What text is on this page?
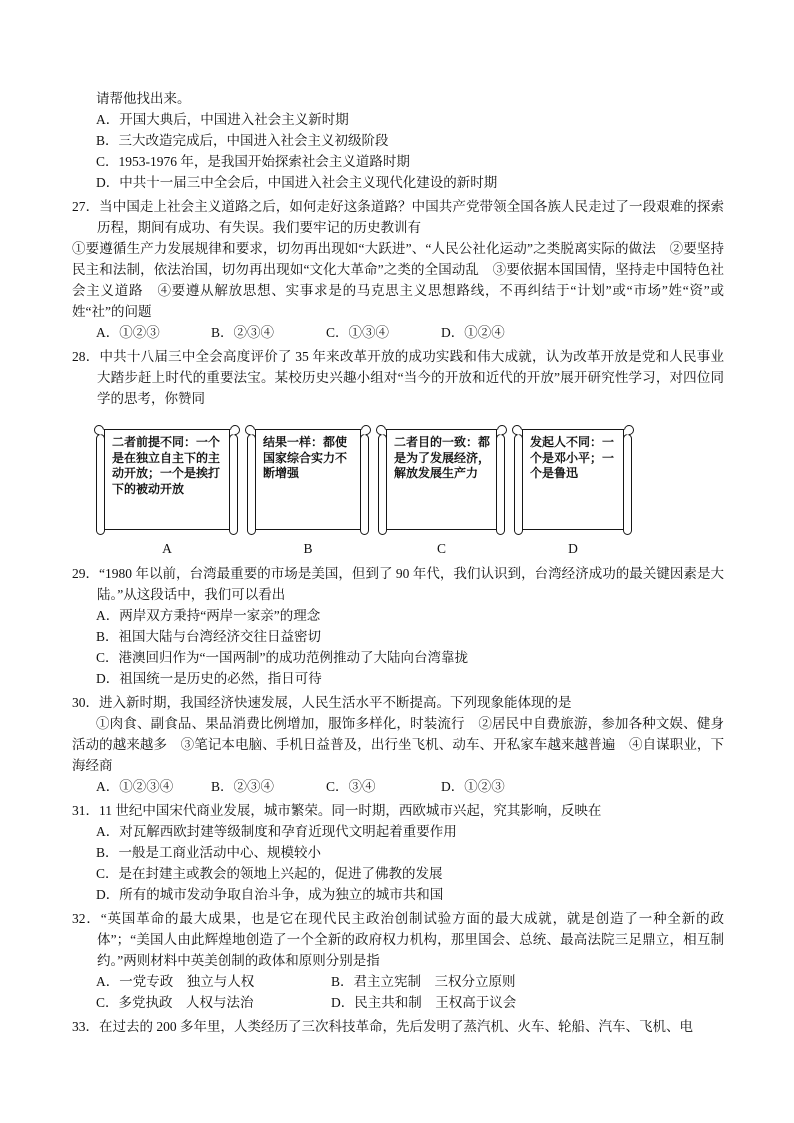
请帮他找出来。

A．开国大典后，中国进入社会主义新时期

B．三大改造完成后，中国进入社会主义初级阶段

C．1953-1976 年，是我国开始探索社会主义道路时期

D．中共十一届三中全会后，中国进入社会主义现代化建设的新时期

27．当中国走上社会主义道路之后，如何走好这条道路？中国共产党带领全国各族人民走过了一段艰难的探索历程，期间有成功、有失误。我们要牢记的历史教训有

①要遵循生产力发展规律和要求，切勿再出现如“大跃进”、“人民公社化运动”之类脱离实际的做法　②要坚持民主和法制，依法治国，切勿再出现如“文化大革命”之类的全国动乱　③要依据本国国情，坚持走中国特色社会主义道路　④要遵从解放思想、实事求是的马克思主义思想路线，不再纠结于“计划”或“市场”姓“资”或姓“社”的问题

A．①②③	B．②③④	C．①③④	D．①②④

28．中共十八届三中全会高度评价了 35 年来改革开放的成功实践和伟大成就，认为改革开放是党和人民事业大踏步赶上时代的重要法宝。某校历史兴趣小组对“当今的开放和近代的开放”展开研究性学习，对四位同学的思考，你赞同

二者前提不同：一个是在独立自主下的主动开放；一个是挨打下的被动开放
A
结果一样：都使国家综合实力不断增强
B
二者目的一致：都是为了发展经济，解放发展生产力
C
发起人不同：一个是邓小平；一个是鲁迅
D

29．“1980 年以前，台湾最重要的市场是美国，但到了 90 年代，我们认识到，台湾经济成功的最关键因素是大陆。”从这段话中，我们可以看出

A．两岸双方秉持“两岸一家亲”的理念

B．祖国大陆与台湾经济交往日益密切

C．港澳回归作为“一国两制”的成功范例推动了大陆向台湾靠拢

D．祖国统一是历史的必然，指日可待

30．进入新时期，我国经济快速发展，人民生活水平不断提高。下列现象能体现的是

①肉食、副食品、果品消费比例增加，服饰多样化，时装流行　②居民中自费旅游，参加各种文娱、健身活动的越来越多　③笔记本电脑、手机日益普及，出行坐飞机、动车、开私家车越来越普遍　④自谋职业，下海经商

A．①②③④	B．②③④	C．③④	D．①②③

31．11 世纪中国宋代商业发展，城市繁荣。同一时期，西欧城市兴起，究其影响，反映在

A．对瓦解西欧封建等级制度和孕育近现代文明起着重要作用

B．一般是工商业活动中心、规模较小

C．是在封建主或教会的领地上兴起的，促进了佛教的发展

D．所有的城市发动争取自治斗争，成为独立的城市共和国

32．“英国革命的最大成果，也是它在现代民主政治创制试验方面的最大成就，就是创造了一种全新的政体”；“美国人由此辉煌地创造了一个全新的政府权力机构，那里国会、总统、最高法院三足鼎立，相互制约。”两则材料中英美创制的政体和原则分别是指

A．一党专政　独立与人权	B．君主立宪制　三权分立原则

C．多党执政　人权与法治	D．民主共和制　王权高于议会

33．在过去的 200 多年里，人类经历了三次科技革命，先后发明了蒸汽机、火车、轮船、汽车、飞机、电
